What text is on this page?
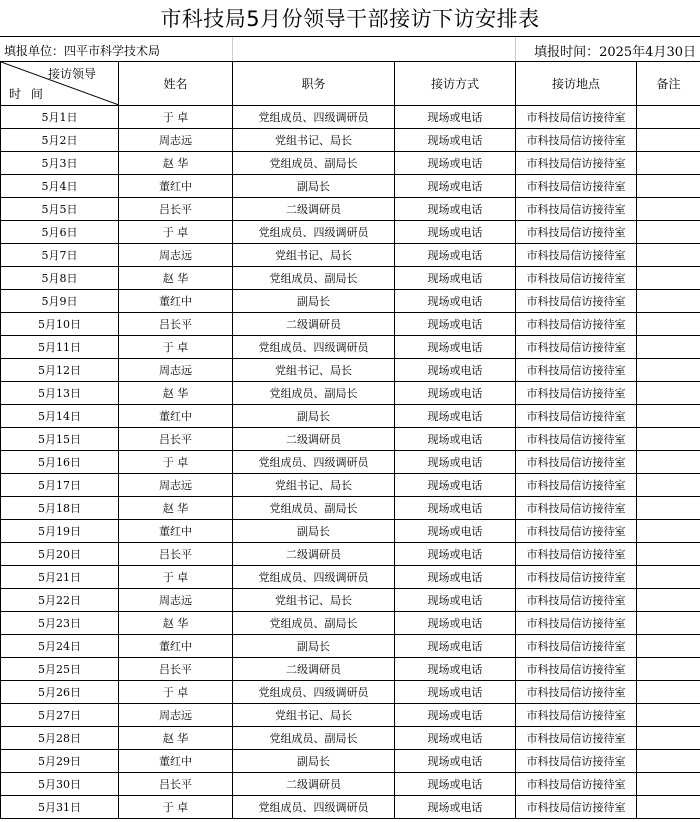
市科技局5月份领导干部接访下访安排表
填报单位：四平市科学技术局	填报时间：2025年4月30日
接访领导
时 间	姓名	职务	接访方式	接访地点	备注
5月1日	于 卓	党组成员、四级调研员	现场或电话	市科技局信访接待室	
5月2日	周志远	党组书记、局长	现场或电话	市科技局信访接待室	
5月3日	赵 华	党组成员、副局长	现场或电话	市科技局信访接待室	
5月4日	董红中	副局长	现场或电话	市科技局信访接待室	
5月5日	吕长平	二级调研员	现场或电话	市科技局信访接待室	
5月6日	于 卓	党组成员、四级调研员	现场或电话	市科技局信访接待室	
5月7日	周志远	党组书记、局长	现场或电话	市科技局信访接待室	
5月8日	赵 华	党组成员、副局长	现场或电话	市科技局信访接待室	
5月9日	董红中	副局长	现场或电话	市科技局信访接待室	
5月10日	吕长平	二级调研员	现场或电话	市科技局信访接待室	
5月11日	于 卓	党组成员、四级调研员	现场或电话	市科技局信访接待室	
5月12日	周志远	党组书记、局长	现场或电话	市科技局信访接待室	
5月13日	赵 华	党组成员、副局长	现场或电话	市科技局信访接待室	
5月14日	董红中	副局长	现场或电话	市科技局信访接待室	
5月15日	吕长平	二级调研员	现场或电话	市科技局信访接待室	
5月16日	于 卓	党组成员、四级调研员	现场或电话	市科技局信访接待室	
5月17日	周志远	党组书记、局长	现场或电话	市科技局信访接待室	
5月18日	赵 华	党组成员、副局长	现场或电话	市科技局信访接待室	
5月19日	董红中	副局长	现场或电话	市科技局信访接待室	
5月20日	吕长平	二级调研员	现场或电话	市科技局信访接待室	
5月21日	于 卓	党组成员、四级调研员	现场或电话	市科技局信访接待室	
5月22日	周志远	党组书记、局长	现场或电话	市科技局信访接待室	
5月23日	赵 华	党组成员、副局长	现场或电话	市科技局信访接待室	
5月24日	董红中	副局长	现场或电话	市科技局信访接待室	
5月25日	吕长平	二级调研员	现场或电话	市科技局信访接待室	
5月26日	于 卓	党组成员、四级调研员	现场或电话	市科技局信访接待室	
5月27日	周志远	党组书记、局长	现场或电话	市科技局信访接待室	
5月28日	赵 华	党组成员、副局长	现场或电话	市科技局信访接待室	
5月29日	董红中	副局长	现场或电话	市科技局信访接待室	
5月30日	吕长平	二级调研员	现场或电话	市科技局信访接待室	
5月31日	于 卓	党组成员、四级调研员	现场或电话	市科技局信访接待室	
